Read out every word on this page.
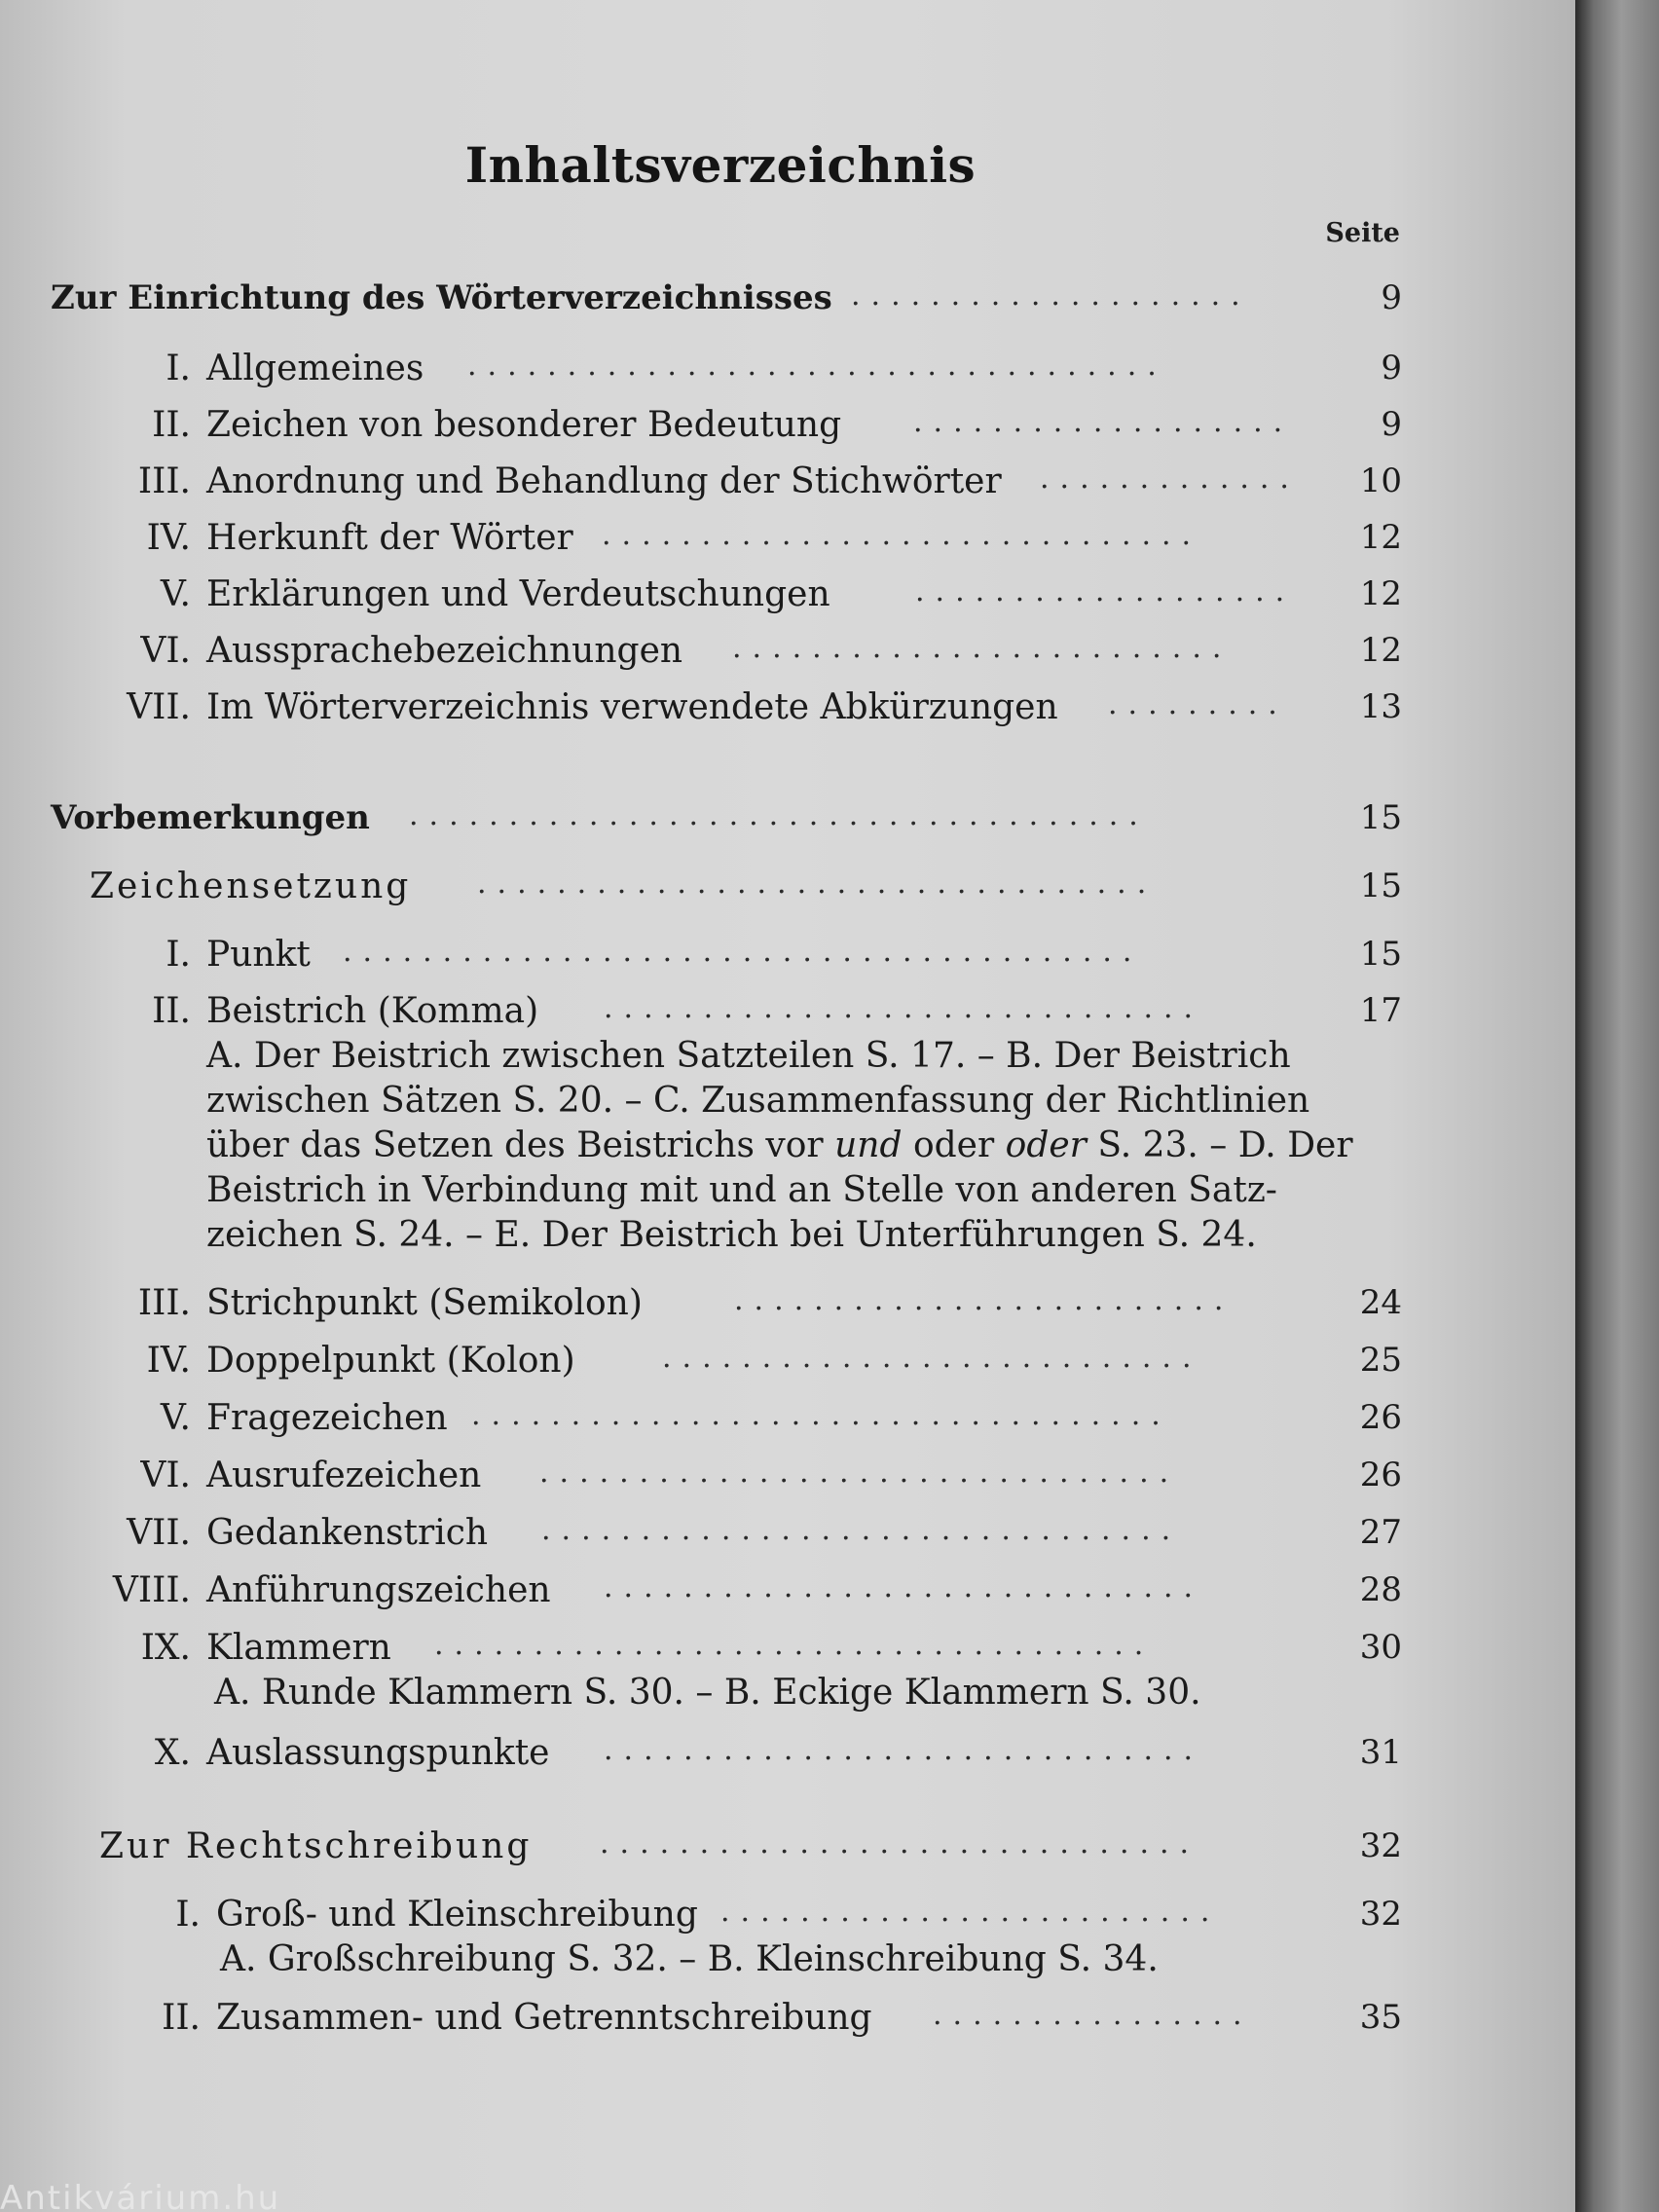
Inhaltsverzeichnis
Seite
Zur Einrichtung des Wörterverzeichnisses ....................	9
I. Allgemeines ...................................	9
II. Zeichen von besonderer Bedeutung ...................	9
III. Anordnung und Behandlung der Stichwörter .............	10
IV. Herkunft der Wörter ..............................	12
V. Erklärungen und Verdeutschungen	...................	12
VI. Aussprachebezeichnungen .........................	12
VII. Im Wörterverzeichnis verwendete Abkürzungen .........	13
Vorbemerkungen .....................................	15
Zeichensetzung ..................................	15
I. Punkt ........................................	15
II. Beistrich (Komma) ..............................	17
A. Der Beistrich zwischen Satzteilen S. 17. – B. Der Beistrich
zwischen Sätzen S. 20. – C. Zusammenfassung der Richtlinien
über das Setzen des Beistrichs vor und oder oder S. 23. – D. Der
Beistrich in Verbindung mit und an Stelle von anderen Satz-
zeichen S. 24. – E. Der Beistrich bei Unterführungen S. 24.
III. Strichpunkt (Semikolon)	.........................	24
IV. Doppelpunkt (Kolon)	...........................	25
V. Fragezeichen ...................................	26
VI. Ausrufezeichen ................................	26
VII. Gedankenstrich ................................	27
VIII. Anführungszeichen ..............................	28
IX. Klammern ....................................	30
A. Runde Klammern S. 30. – B. Eckige Klammern S. 30.
X. Auslassungspunkte ..............................	31
Zur Rechtschreibung ..............................	32
I. Groß- und Kleinschreibung .........................	32
A. Großschreibung S. 32. – B. Kleinschreibung S. 34.
II. Zusammen- und Getrenntschreibung ................	35
Antikvárium.hu
